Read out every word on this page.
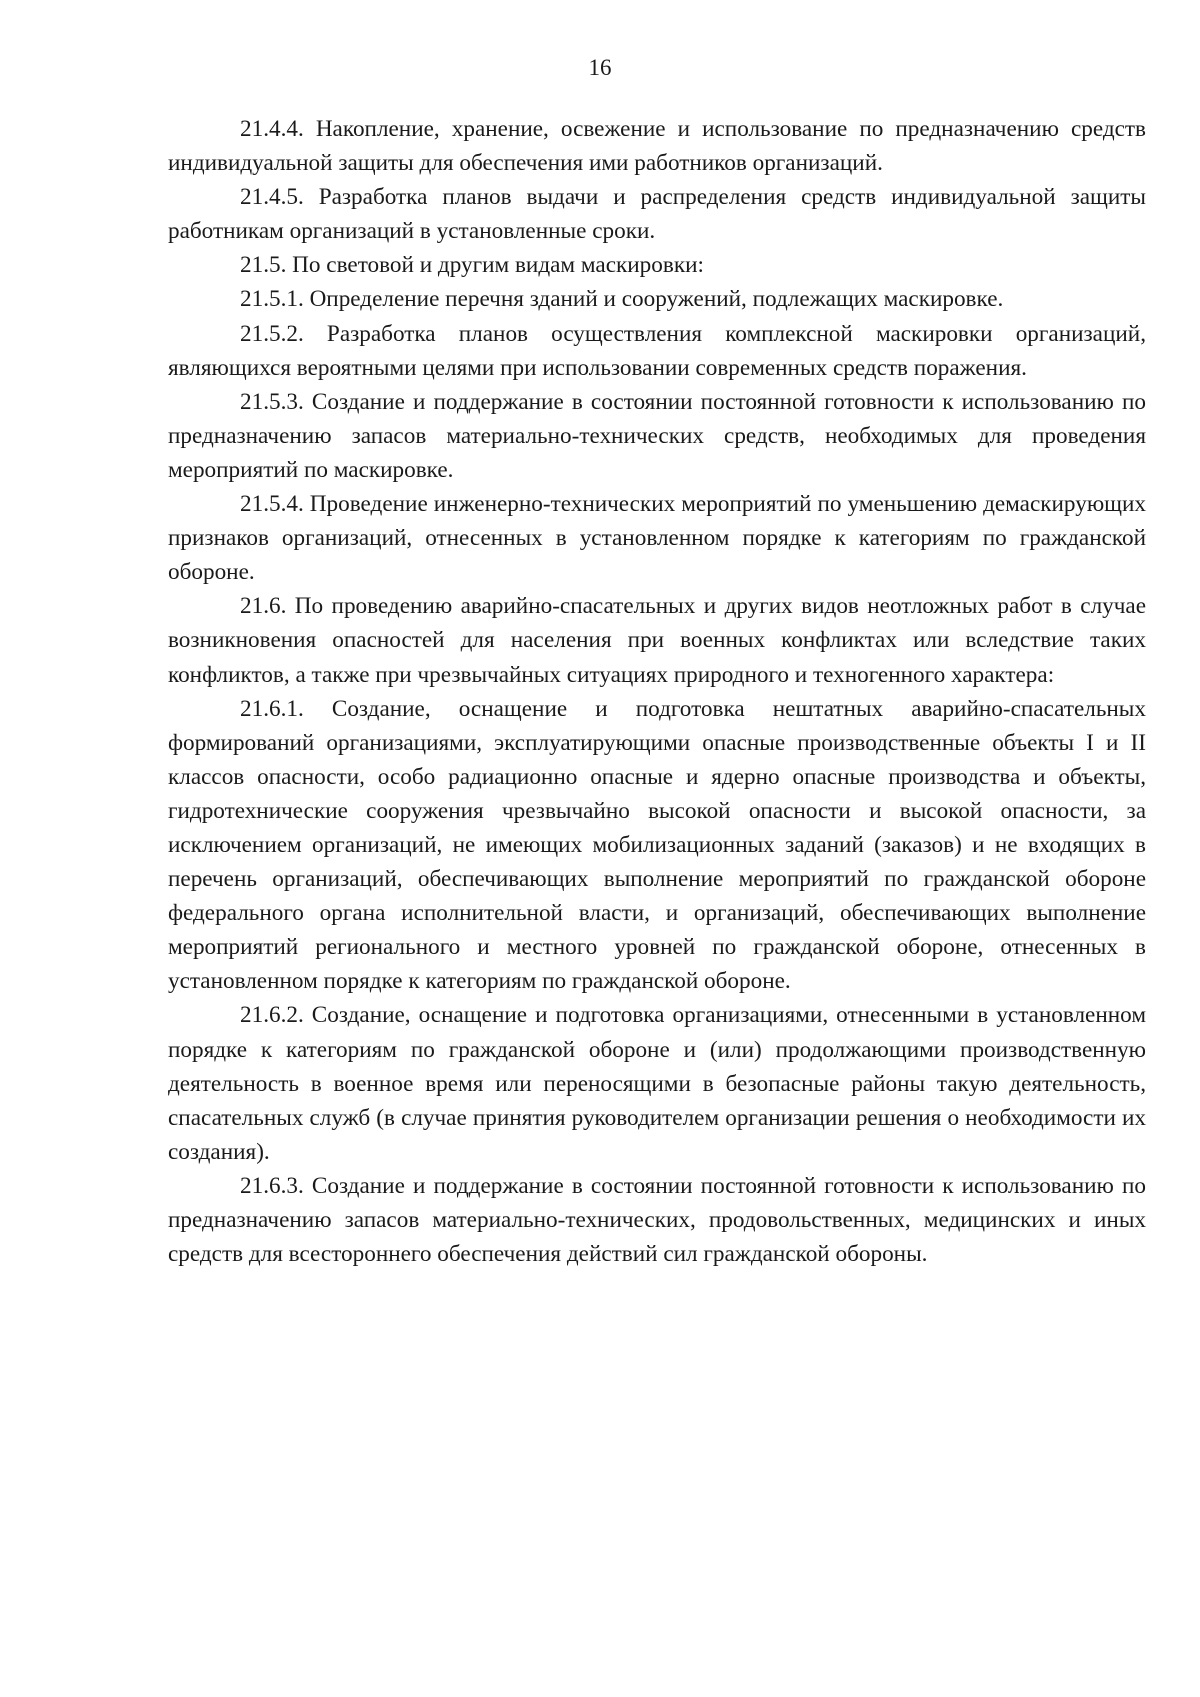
16

21.4.4. Накопление, хранение, освежение и использование по предназначению средств индивидуальной защиты для обеспечения ими работников организаций.

21.4.5. Разработка планов выдачи и распределения средств индивидуальной защиты работникам организаций в установленные сроки.

21.5. По световой и другим видам маскировки:

21.5.1. Определение перечня зданий и сооружений, подлежащих маскировке.

21.5.2. Разработка планов осуществления комплексной маскировки организаций, являющихся вероятными целями при использовании современных средств поражения.

21.5.3. Создание и поддержание в состоянии постоянной готовности к использованию по предназначению запасов материально-технических средств, необходимых для проведения мероприятий по маскировке.

21.5.4. Проведение инженерно-технических мероприятий по уменьшению демаскирующих признаков организаций, отнесенных в установленном порядке к категориям по гражданской обороне.

21.6. По проведению аварийно-спасательных и других видов неотложных работ в случае возникновения опасностей для населения при военных конфликтах или вследствие таких конфликтов, а также при чрезвычайных ситуациях природного и техногенного характера:

21.6.1. Создание, оснащение и подготовка нештатных аварийно-спасательных формирований организациями, эксплуатирующими опасные производственные объекты I и II классов опасности, особо радиационно опасные и ядерно опасные производства и объекты, гидротехнические сооружения чрезвычайно высокой опасности и высокой опасности, за исключением организаций, не имеющих мобилизационных заданий (заказов) и не входящих в перечень организаций, обеспечивающих выполнение мероприятий по гражданской обороне федерального органа исполнительной власти, и организаций, обеспечивающих выполнение мероприятий регионального и местного уровней по гражданской обороне, отнесенных в установленном порядке к категориям по гражданской обороне.

21.6.2. Создание, оснащение и подготовка организациями, отнесенными в установленном порядке к категориям по гражданской обороне и (или) продолжающими производственную деятельность в военное время или переносящими в безопасные районы такую деятельность, спасательных служб (в случае принятия руководителем организации решения о необходимости их создания).

21.6.3. Создание и поддержание в состоянии постоянной готовности к использованию по предназначению запасов материально-технических, продовольственных, медицинских и иных средств для всестороннего обеспечения действий сил гражданской обороны.
